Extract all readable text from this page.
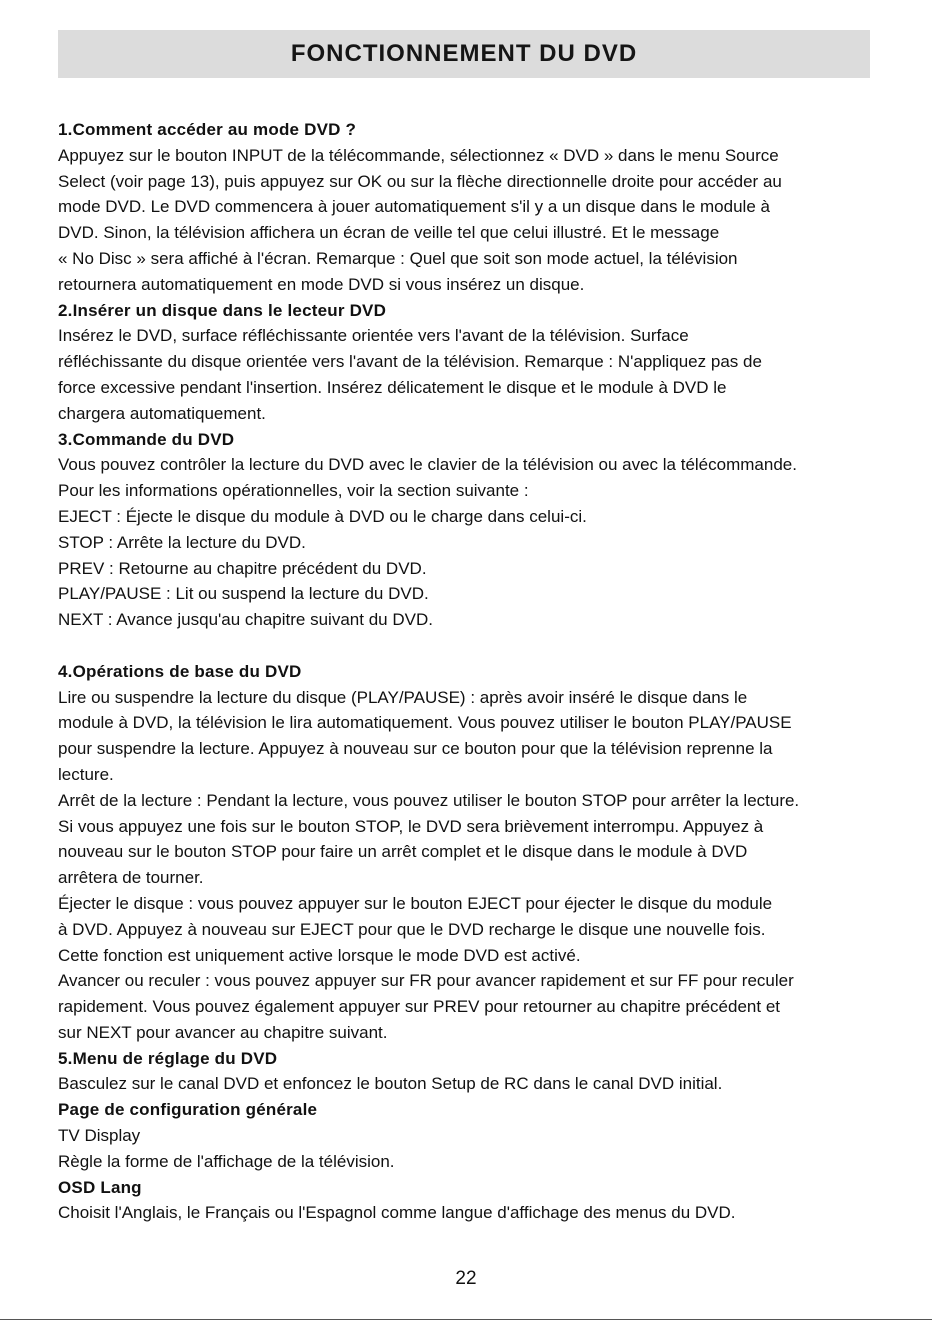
FONCTIONNEMENT DU DVD
1.Comment accéder au mode DVD ?
Appuyez sur le bouton INPUT de la télécommande, sélectionnez « DVD » dans le menu Source
Select (voir page 13), puis appuyez sur OK ou sur la flèche directionnelle droite pour accéder au
mode DVD. Le DVD commencera à jouer automatiquement s'il y a un disque dans le module à
DVD. Sinon, la télévision affichera un écran de veille tel que celui illustré. Et le message
« No Disc » sera affiché à l'écran. Remarque : Quel que soit son mode actuel, la télévision
retournera automatiquement en mode DVD si vous insérez un disque.
2.Insérer un disque dans le lecteur DVD
Insérez le DVD, surface réfléchissante orientée vers l'avant de la télévision. Surface
réfléchissante du disque orientée vers l'avant de la télévision. Remarque : N'appliquez pas de
force excessive pendant l'insertion. Insérez délicatement le disque et le module à DVD le
chargera automatiquement.
3.Commande du DVD
Vous pouvez contrôler la lecture du DVD avec le clavier de la télévision ou avec la télécommande.
Pour les informations opérationnelles, voir la section suivante :
EJECT : Éjecte le disque du module à DVD ou le charge dans celui-ci.
STOP : Arrête la lecture du DVD.
PREV : Retourne au chapitre précédent du DVD.
PLAY/PAUSE : Lit ou suspend la lecture du DVD.
NEXT : Avance jusqu'au chapitre suivant du DVD.
4.Opérations de base du DVD
Lire ou suspendre la lecture du disque (PLAY/PAUSE) : après avoir inséré le disque dans le
module à DVD, la télévision le lira automatiquement. Vous pouvez utiliser le bouton PLAY/PAUSE
pour suspendre la lecture. Appuyez à nouveau sur ce bouton pour que la télévision reprenne la
lecture.
Arrêt de la lecture : Pendant la lecture, vous pouvez utiliser le bouton STOP pour arrêter la lecture.
Si vous appuyez une fois sur le bouton STOP, le DVD sera brièvement interrompu. Appuyez à
nouveau sur le bouton STOP pour faire un arrêt complet et le disque dans le module à DVD
arrêtera de tourner.
Éjecter le disque : vous pouvez appuyer sur le bouton EJECT pour éjecter le disque du module
à DVD. Appuyez à nouveau sur EJECT pour que le DVD recharge le disque une nouvelle fois.
Cette fonction est uniquement active lorsque le mode DVD est activé.
Avancer ou reculer : vous pouvez appuyer sur FR pour avancer rapidement et sur FF pour reculer
rapidement. Vous pouvez également appuyer sur PREV pour retourner au chapitre précédent et
sur NEXT pour avancer au chapitre suivant.
5.Menu de réglage du DVD
Basculez sur le canal DVD et enfoncez le bouton Setup de RC dans le canal DVD initial.
Page de configuration générale
TV Display
Règle la forme de l'affichage de la télévision.
OSD Lang
Choisit l'Anglais, le Français ou l'Espagnol comme langue d'affichage des menus du DVD.
22
